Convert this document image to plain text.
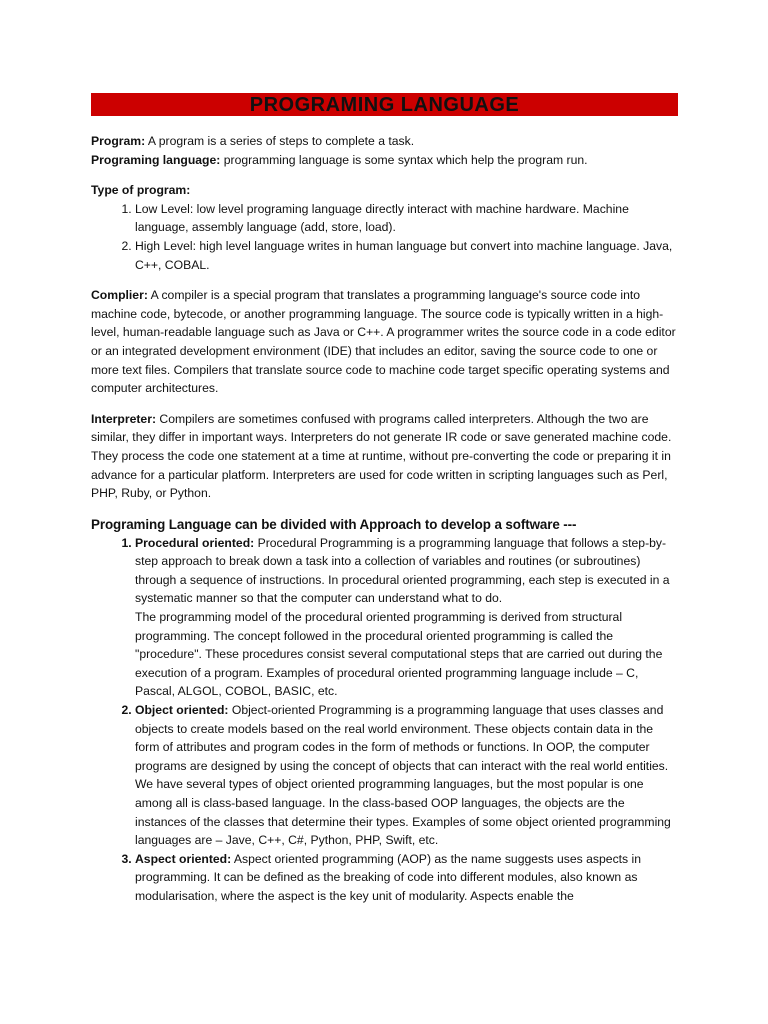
PROGRAMING LANGUAGE

Program: A program is a series of steps to complete a task.

Programing language: programming language is some syntax which help the program run.

Type of program:

1. Low Level: low level programing language directly interact with machine hardware. Machine language, assembly language (add, store, load).
2. High Level: high level language writes in human language but convert into machine language. Java, C++, COBAL.

Complier: A compiler is a special program that translates a programming language's source code into machine code, bytecode, or another programming language. The source code is typically written in a high-level, human-readable language such as Java or C++. A programmer writes the source code in a code editor or an integrated development environment (IDE) that includes an editor, saving the source code to one or more text files. Compilers that translate source code to machine code target specific operating systems and computer architectures.

Interpreter: Compilers are sometimes confused with programs called interpreters. Although the two are similar, they differ in important ways. Interpreters do not generate IR code or save generated machine code. They process the code one statement at a time at runtime, without pre-converting the code or preparing it in advance for a particular platform. Interpreters are used for code written in scripting languages such as Perl, PHP, Ruby, or Python.

Programing Language can be divided with Approach to develop a software ---
1. Procedural oriented: Procedural Programming is a programming language that follows a step-by-step approach to break down a task into a collection of variables and routines (or subroutines) through a sequence of instructions. In procedural oriented programming, each step is executed in a systematic manner so that the computer can understand what to do.
The programming model of the procedural oriented programming is derived from structural programming. The concept followed in the procedural oriented programming is called the "procedure". These procedures consist several computational steps that are carried out during the execution of a program. Examples of procedural oriented programming language include – C, Pascal, ALGOL, COBOL, BASIC, etc.
2. Object oriented: Object-oriented Programming is a programming language that uses classes and objects to create models based on the real world environment. These objects contain data in the form of attributes and program codes in the form of methods or functions. In OOP, the computer programs are designed by using the concept of objects that can interact with the real world entities.
We have several types of object oriented programming languages, but the most popular is one among all is class-based language. In the class-based OOP languages, the objects are the instances of the classes that determine their types. Examples of some object oriented programming languages are – Jave, C++, C#, Python, PHP, Swift, etc.
3. Aspect oriented: Aspect oriented programming (AOP) as the name suggests uses aspects in programming. It can be defined as the breaking of code into different modules, also known as modularisation, where the aspect is the key unit of modularity. Aspects enable the
